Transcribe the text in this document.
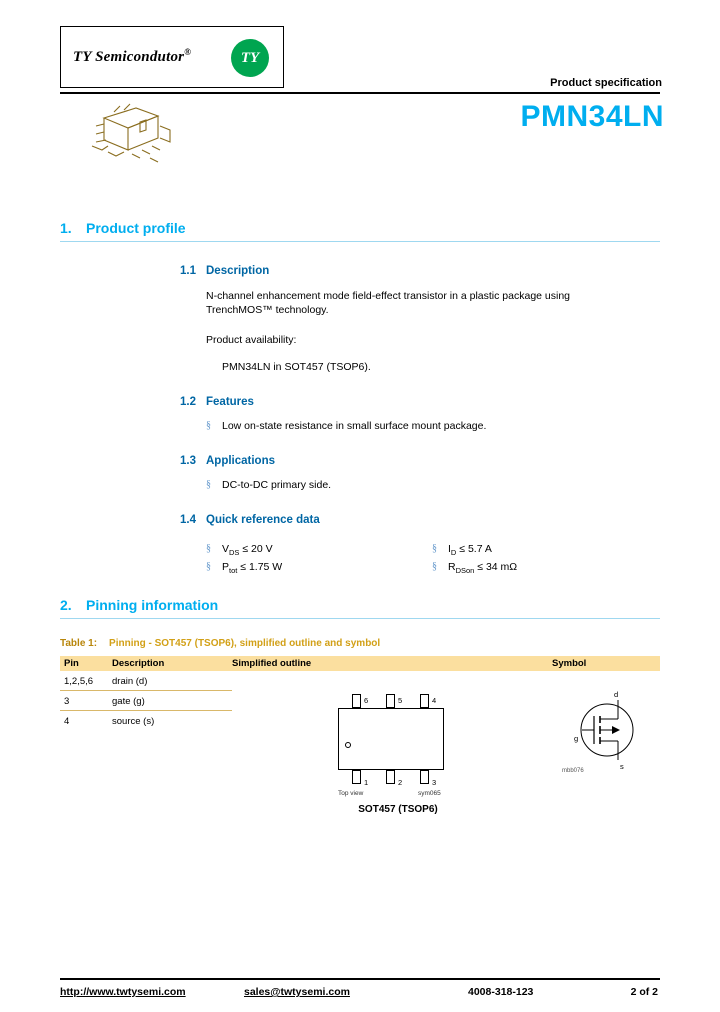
TY Semicondutor®	TY
Product specification
PMN34LN
1. Product profile
1.1 Description
N-channel enhancement mode field-effect transistor in a plastic package using TrenchMOS™ technology.
Product availability:
PMN34LN in SOT457 (TSOP6).
1.2 Features
§ Low on-state resistance in small surface mount package.
1.3 Applications
§ DC-to-DC primary side.
1.4 Quick reference data
§ $V_{DS} \le 20$ V
§ $P_{tot} \le 1.75$ W
§ $I_D \le 5.7$ A
§ $R_{DSon} \le 34$ mΩ
2. Pinning information
Table 1: Pinning - SOT457 (TSOP6), simplified outline and symbol
Pin	Description	Simplified outline	Symbol
1,2,5,6 drain (d)
3	gate (g)
4	source (s)
6	5	4
1	2	3
Top view	sym065
SOT457 (TSOP6)
d
g
s
mbb076
http://www.twtysemi.com	sales@twtysemi.com	4008-318-123	2 of 2
